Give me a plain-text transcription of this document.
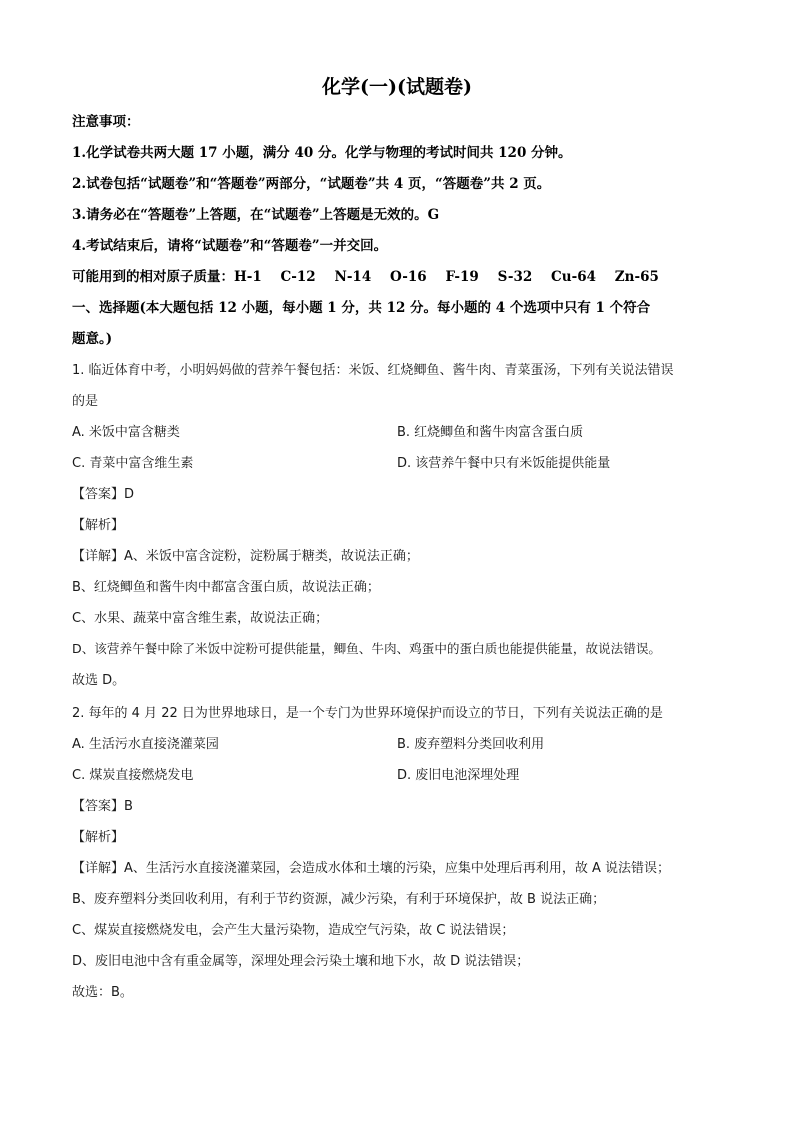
化学(一)(试题卷)
注意事项：
1.化学试卷共两大题 17 小题，满分 40 分。化学与物理的考试时间共 120 分钟。
2.试卷包括“试题卷”和“答题卷”两部分，“试题卷”共 4 页，“答题卷”共 2 页。
3.请务必在“答题卷”上答题，在“试题卷”上答题是无效的。G
4.考试结束后，请将“试题卷”和“答题卷”一并交回。
可能用到的相对原子质量：H-1    C-12    N-14    O-16    F-19    S-32    Cu-64    Zn-65
一、选择题(本大题包括 12 小题，每小题 1 分，共 12 分。每小题的 4 个选项中只有 1 个符合
题意。)
1. 临近体育中考，小明妈妈做的营养午餐包括：米饭、红烧鲫鱼、酱牛肉、青菜蛋汤，下列有关说法错误
的是
A. 米饭中富含糖类	B. 红烧鲫鱼和酱牛肉富含蛋白质
C. 青菜中富含维生素	D. 该营养午餐中只有米饭能提供能量
【答案】D
【解析】
【详解】A、米饭中富含淀粉，淀粉属于糖类，故说法正确；
B、红烧鲫鱼和酱牛肉中都富含蛋白质，故说法正确；
C、水果、蔬菜中富含维生素，故说法正确；
D、该营养午餐中除了米饭中淀粉可提供能量，鲫鱼、牛肉、鸡蛋中的蛋白质也能提供能量，故说法错误。
故选 D。
2. 每年的 4 月 22 日为世界地球日，是一个专门为世界环境保护而设立的节日，下列有关说法正确的是
A. 生活污水直接浇灌菜园	B. 废弃塑料分类回收利用
C. 煤炭直接燃烧发电	D. 废旧电池深埋处理
【答案】B
【解析】
【详解】A、生活污水直接浇灌菜园，会造成水体和土壤的污染，应集中处理后再利用，故 A 说法错误；
B、废弃塑料分类回收利用，有利于节约资源，减少污染，有利于环境保护，故 B 说法正确；
C、煤炭直接燃烧发电，会产生大量污染物，造成空气污染，故 C 说法错误；
D、废旧电池中含有重金属等，深埋处理会污染土壤和地下水，故 D 说法错误；
故选：B。
